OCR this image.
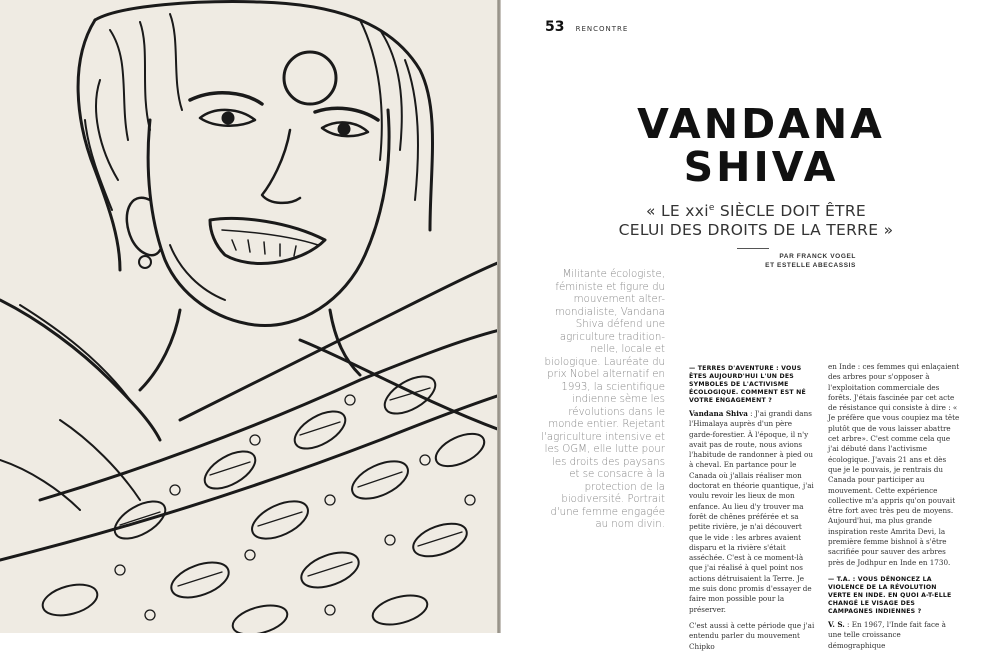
53 RENCONTRE
VANDANA
SHIVA
« LE xxi$^e$ SIÈCLE DOIT ÊTRE
CELUI DES DROITS DE LA TERRE »
PAR FRANCK VOGEL
ET ESTELLE ABECASSIS
Militante écologiste, féministe et figure du mouvement alter-mondialiste, Vandana Shiva défend une agriculture tradition-nelle, locale et biologique. Lauréate du prix Nobel alternatif en 1993, la scientifique indienne sème les révolutions dans le monde entier. Rejetant l'agriculture intensive et les OGM, elle lutte pour les droits des paysans et se consacre à la protection de la biodiversité. Portrait d'une femme engagée au nom divin.
— TERRES D'AVENTURE : VOUS ÊTES AUJOURD'HUI L'UN DES SYMBOLES DE L'ACTIVISME ÉCOLOGIQUE. COMMENT EST NÉ VOTRE ENGAGEMENT ?

Vandana Shiva : J'ai grandi dans l'Himalaya auprès d'un père garde-forestier. À l'époque, il n'y avait pas de route, nous avions l'habitude de randonner à pied ou à cheval. En partance pour le Canada où j'allais réaliser mon doctorat en théorie quantique, j'ai voulu revoir les lieux de mon enfance. Au lieu d'y trouver ma forêt de chênes préférée et sa petite rivière, je n'ai découvert que le vide : les arbres avaient disparu et la rivière s'était asséchée. C'est à ce moment-là que j'ai réalisé à quel point nos actions détruisaient la Terre. Je me suis donc promis d'essayer de faire mon possible pour la préserver.

C'est aussi à cette période que j'ai entendu parler du mouvement Chipko

en Inde : ces femmes qui enlaçaient des arbres pour s'opposer à l'exploitation commerciale des forêts. J'étais fascinée par cet acte de résistance qui consiste à dire : « Je préfère que vous coupiez ma tête plutôt que de vous laisser abattre cet arbre». C'est comme cela que j'ai débuté dans l'activisme écologique. J'avais 21 ans et dès que je le pouvais, je rentrais du Canada pour participer au mouvement. Cette expérience collective m'a appris qu'on pouvait être fort avec très peu de moyens. Aujourd'hui, ma plus grande inspiration reste Amrita Devi, la première femme bishnoï à s'être sacrifiée pour sauver des arbres près de Jodhpur en Inde en 1730.

— T.A. : VOUS DÉNONCEZ LA VIOLENCE DE LA RÉVOLUTION VERTE EN INDE. EN QUOI A-T-ELLE CHANGÉ LE VISAGE DES CAMPAGNES INDIENNES ?

V. S. : En 1967, l'Inde fait face à une telle croissance démographique
